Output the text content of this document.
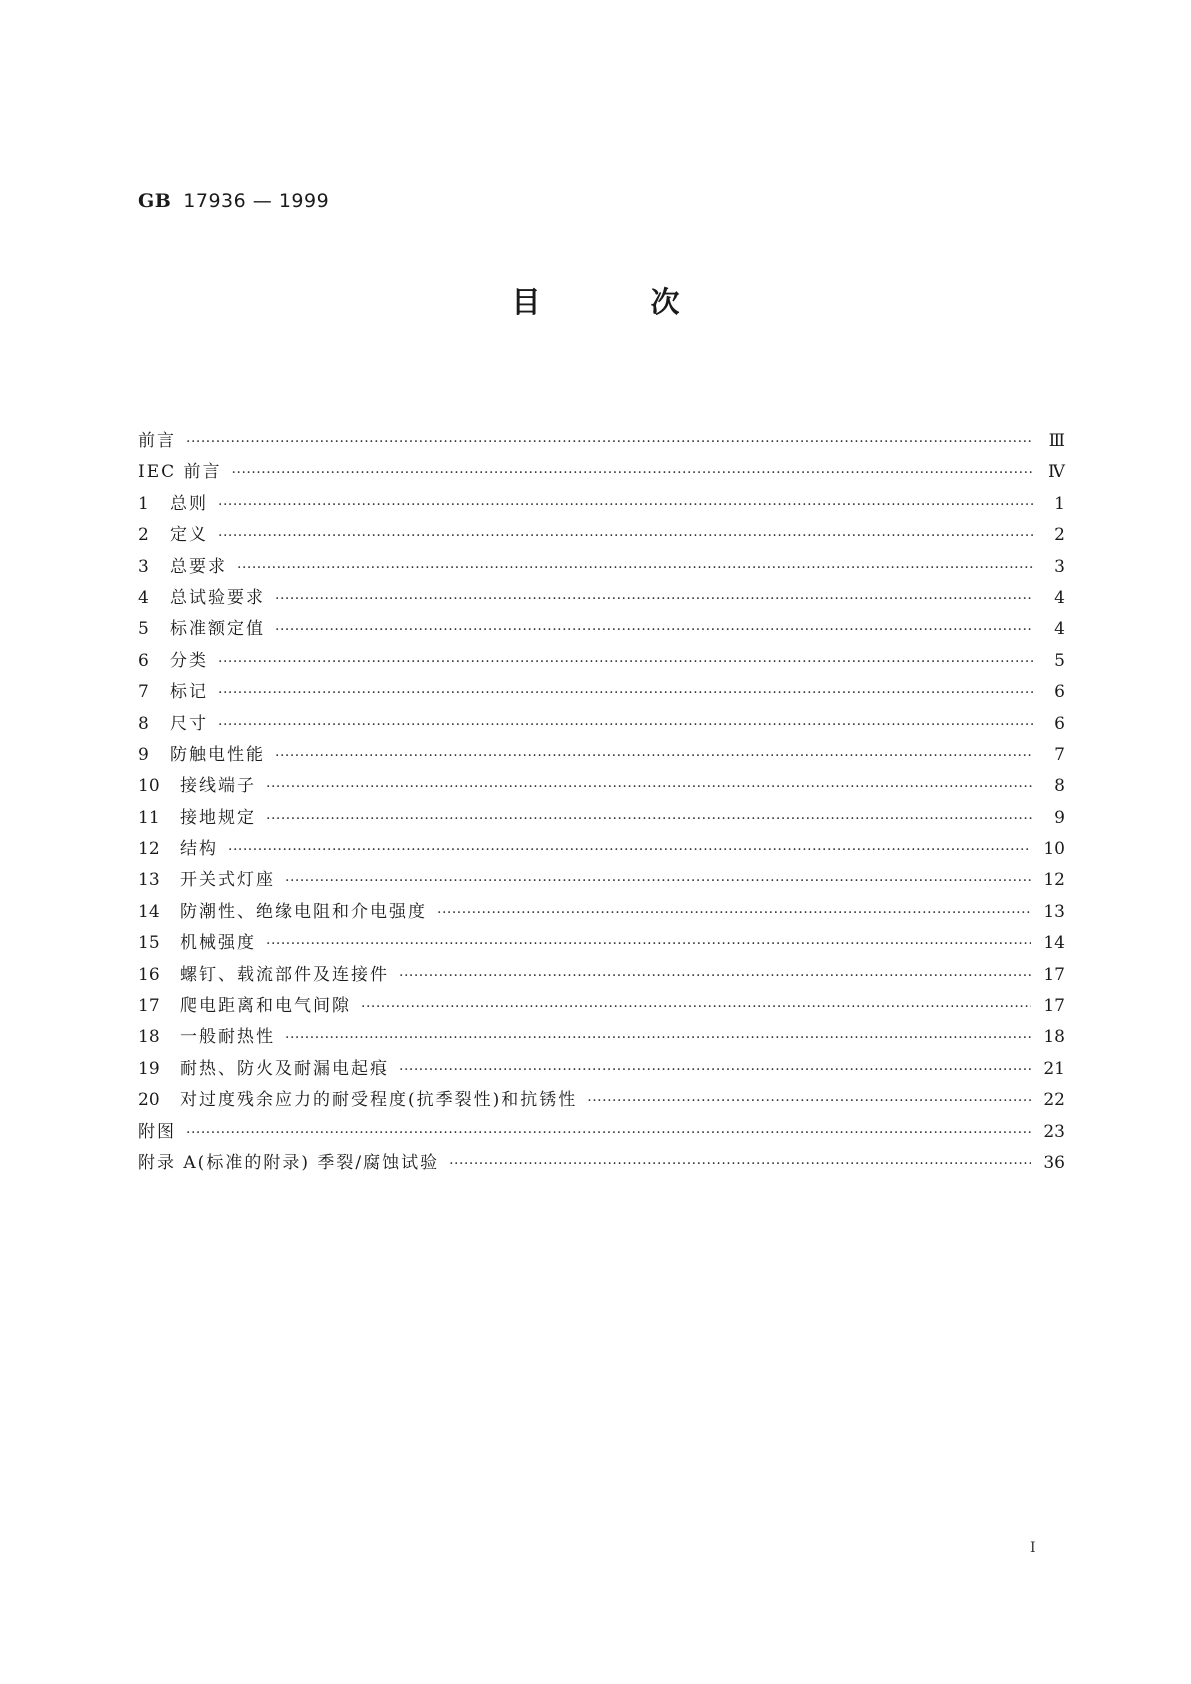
GB 17936 — 1999
目	次
前言 ·····	Ⅲ
IEC 前言 ·····	Ⅳ
1	总则 ·····	1
2	定义 ·····	2
3	总要求 ·····	3
4	总试验要求 ·····	4
5	标准额定值 ·····	4
6	分类 ·····	5
7	标记 ·····	6
8	尺寸 ·····	6
9	防触电性能 ·····	7
10	接线端子 ·····	8
11	接地规定 ·····	9
12	结构 ·····	10
13	开关式灯座 ·····	12
14	防潮性、绝缘电阻和介电强度 ·····	13
15	机械强度 ·····	14
16	螺钉、载流部件及连接件 ·····	17
17	爬电距离和电气间隙 ·····	17
18	一般耐热性 ·····	18
19	耐热、防火及耐漏电起痕 ·····	21
20	对过度残余应力的耐受程度(抗季裂性)和抗锈性 ·····	22
附图 ·····	23
附录 A(标准的附录) 季裂/腐蚀试验 ·····	36
I
